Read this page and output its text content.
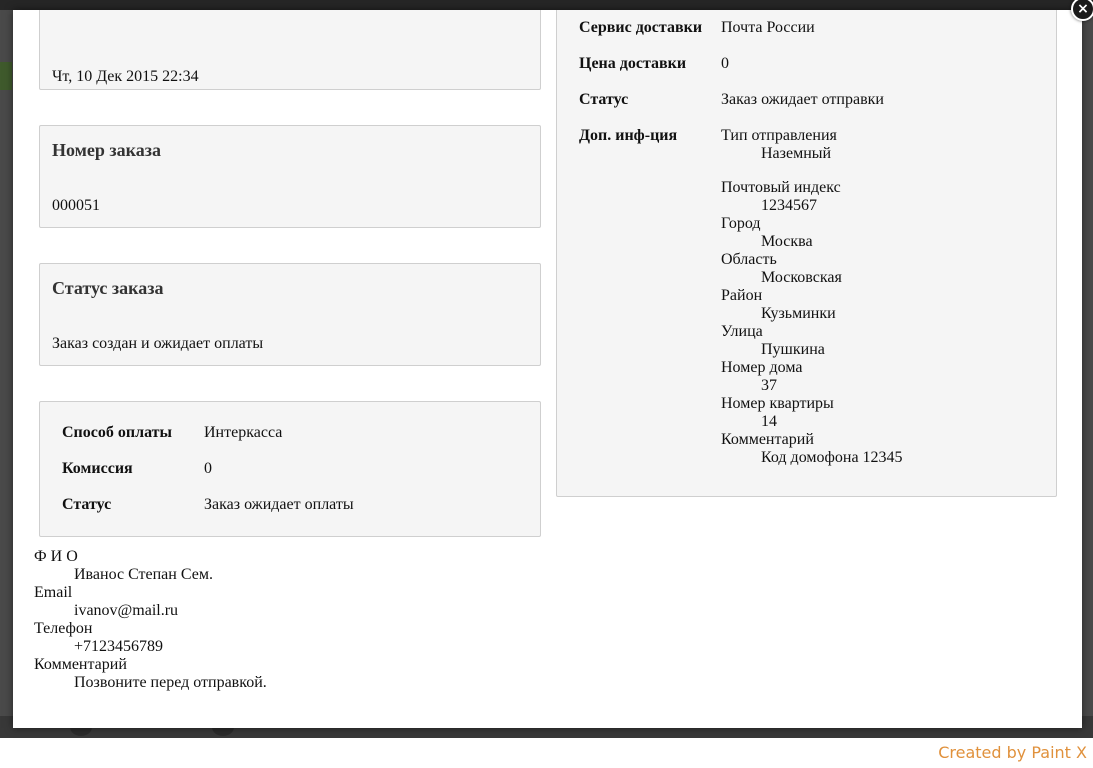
Чт, 10 Дек 2015 22:34
Номер заказа
000051
Статус заказа
Заказ создан и ожидает оплаты
Способ оплаты Интеркасса
Комиссия	0
Статус	Заказ ожидает оплаты
Ф И О
Иванос Степан Сем.
Email
ivanov@mail.ru
Телефон
+7123456789
Комментарий
Позвоните перед отправкой.
Сервис доставки Почта России
Цена доставки 0
Статус	Заказ ожидает отправки
Доп. инф-ция	Тип отправления
Наземный
Почтовый индекс
1234567
Город
Москва
Область
Московская
Район
Кузьминки
Улица
Пушкина
Номер дома
37
Номер квартиры
14
Комментарий
Код домофона 12345
×
Created by Paint X
